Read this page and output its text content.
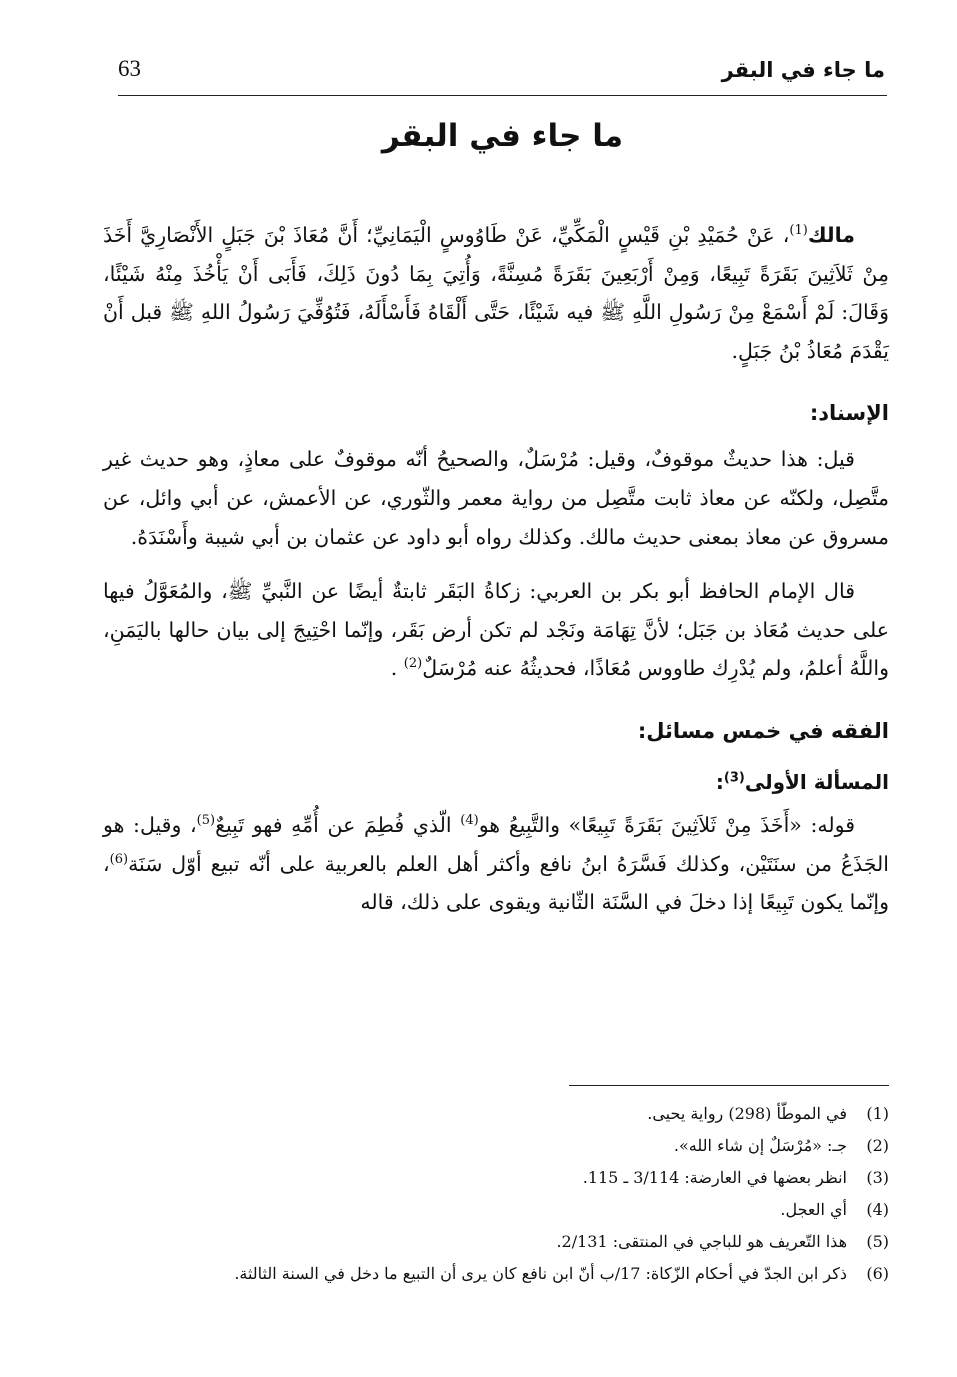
ما جاء في البقر
63
ما جاء في البقر

مالك$^{(1)}$، عَنْ حُمَيْدِ بْنِ قَيْسٍ الْمَكِّيِّ، عَنْ طَاوُوسٍ الْيَمَانِيِّ؛ أَنَّ مُعَاذَ بْنَ جَبَلٍ الأَنْصَارِيَّ أَخَذَ مِنْ ثَلاَثِينَ بَقَرَةً تَبِيعًا، وَمِنْ أَرْبَعِينَ بَقَرَةً مُسِنَّةً، وَأُتِيَ بِمَا دُونَ ذَلِكَ، فَأَبَى أَنْ يَأْخُذَ مِنْهُ شَيْئًا، وَقَالَ: لَمْ أَسْمَعْ مِنْ رَسُولِ اللَّهِ ﷺ فيه شَيْئًا، حَتَّى أَلْقَاهُ فَأَسْأَلَهُ، فَتُوُفِّيَ رَسُولُ اللهِ ﷺ قبل أَنْ يَقْدَمَ مُعَاذُ بْنُ جَبَلٍ.

الإسناد:

قيل: هذا حديثٌ موقوفٌ، وقيل: مُرْسَلٌ، والصحيحُ أنّه موقوفٌ على معاذٍ، وهو حديث غير متَّصِل، ولكنّه عن معاذ ثابت متَّصِل من رواية معمر والثّوري، عن الأعمش، عن أبي وائل، عن مسروق عن معاذ بمعنى حديث مالك. وكذلك رواه أبو داود عن عثمان بن أبي شيبة وأَسْنَدَهُ.

قال الإمام الحافظ أبو بكر بن العربي: زكاةُ البَقَر ثابتةٌ أيضًا عن النَّبيِّ ﷺ، والمُعَوَّلُ فيها على حديث مُعَاذ بن جَبَل؛ لأنَّ تِهَامَة ونَجْد لم تكن أرض بَقَر، وإنّما احْتِيجَ إلى بيان حالها باليَمَنِ، واللَّهُ أعلمُ، ولم يُدْرِك طاووس مُعَاذًا، فحديثُهُ عنه مُرْسَلٌ$^{(2)}$ .

الفقه في خمس مسائل:
المسألة الأولى$^{(3)}$:

قوله: «أَخَذَ مِنْ ثَلاَثِينَ بَقَرَةً تَبِيعًا» والتَّبِيعُ هو$^{(4)}$ الّذي فُطِمَ عن أُمِّهِ فهو تَبِيعٌ$^{(5)}$، وقيل: هو الجَذَعُ من سنَتَيْن، وكذلك فَسَّرَهُ ابنُ نافع وأكثر أهل العلم بالعربية على أنّه تبيع أوّل سَنَة$^{(6)}$، وإنّما يكون تَبِيعًا إذا دخلَ في السَّنَة الثّانية ويقوى على ذلك، قاله

(1)
في الموطّأ (298) رواية يحيى.
(2)
جـ: «مُرْسَلٌ إن شاء الله».
(3)
انظر بعضها في العارضة: 3/114 ـ 115.
(4)
أي العجل.
(5)
هذا التّعريف هو للباجي في المنتقى: 2/131.
(6)
ذكر ابن الجدّ في أحكام الزّكاة: 17/ب أنّ ابن نافع كان يرى أن التبيع ما دخل في السنة الثالثة.
